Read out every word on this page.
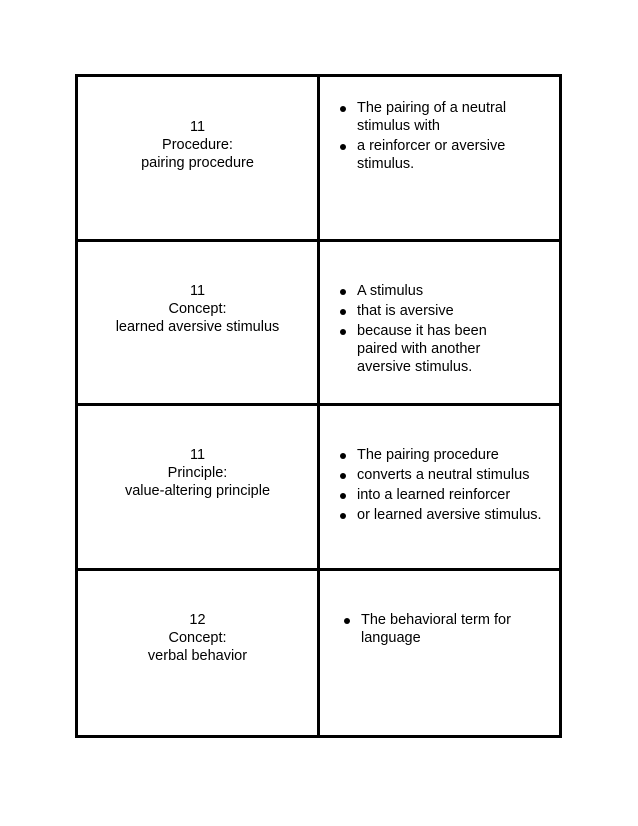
11
Procedure:
pairing procedure
The pairing of a neutral stimulus with
a reinforcer or aversive stimulus.
11
Concept:
learned aversive stimulus
A stimulus
that is aversive
because it has been paired with another aversive stimulus.
11
Principle:
value-altering principle
The pairing procedure
converts a neutral stimulus
into a learned reinforcer
or learned aversive stimulus.
12
Concept:
verbal behavior
The behavioral term for language
